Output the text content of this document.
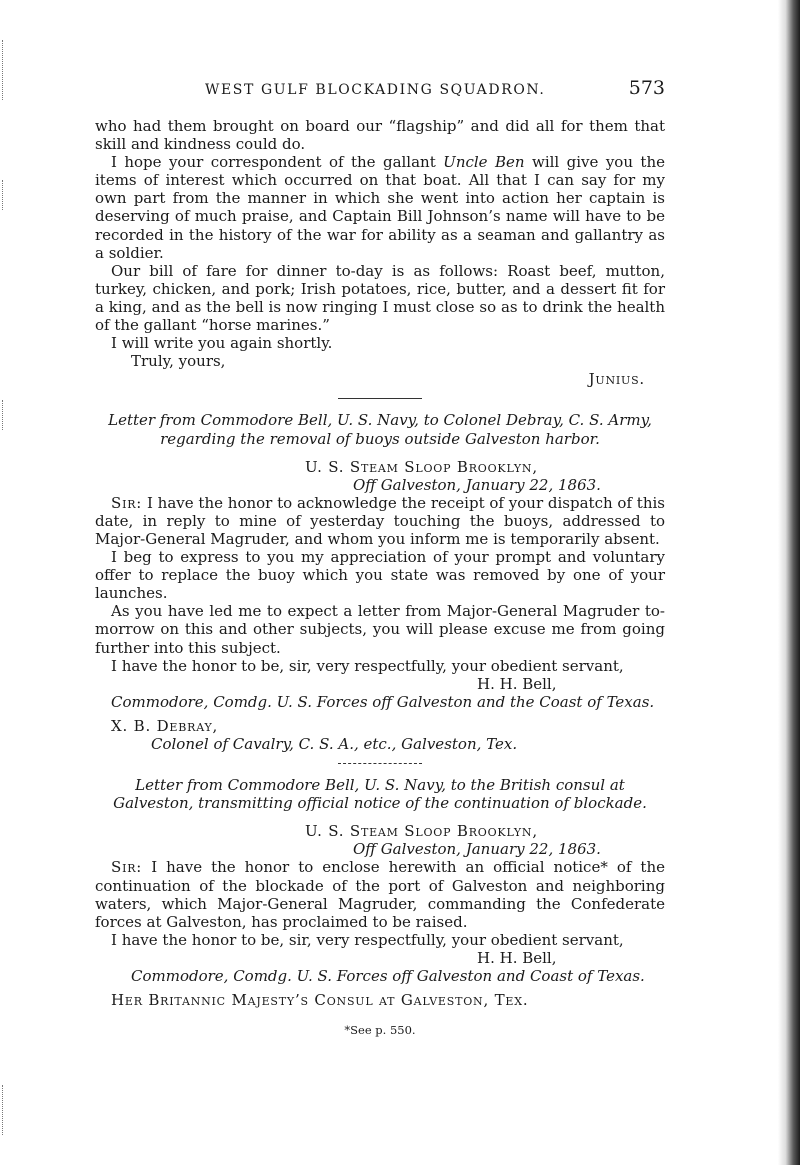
WEST GULF BLOCKADING SQUADRON.	573

who had them brought on board our “flagship” and did all for them that skill and kindness could do.

I hope your correspondent of the gallant Uncle Ben will give you the items of interest which occurred on that boat. All that I can say for my own part from the manner in which she went into action her captain is deserving of much praise, and Captain Bill Johnson’s name will have to be recorded in the history of the war for ability as a seaman and gallantry as a soldier.

Our bill of fare for dinner to-day is as follows: Roast beef, mutton, turkey, chicken, and pork; Irish potatoes, rice, butter, and a dessert fit for a king, and as the bell is now ringing I must close so as to drink the health of the gallant “horse marines.”

I will write you again shortly.

Truly, yours,

Junius.

Letter from Commodore Bell, U. S. Navy, to Colonel Debray, C. S. Army, regarding the removal of buoys outside Galveston harbor.

U. S. Steam Sloop Brooklyn,

Off Galveston, January 22, 1863.

Sir: I have the honor to acknowledge the receipt of your dispatch of this date, in reply to mine of yesterday touching the buoys, addressed to Major-General Magruder, and whom you inform me is temporarily absent.

I beg to express to you my appreciation of your prompt and voluntary offer to replace the buoy which you state was removed by one of your launches.

As you have led me to expect a letter from Major-General Magruder to-morrow on this and other subjects, you will please excuse me from going further into this subject.

I have the honor to be, sir, very respectfully, your obedient servant,

H. H. Bell,

Commodore, Comdg. U. S. Forces off Galveston and the Coast of Texas.

X. B. Debray,

Colonel of Cavalry, C. S. A., etc., Galveston, Tex.

Letter from Commodore Bell, U. S. Navy, to the British consul at Galveston, transmitting official notice of the continuation of blockade.

U. S. Steam Sloop Brooklyn,

Off Galveston, January 22, 1863.

Sir: I have the honor to enclose herewith an official notice* of the continuation of the blockade of the port of Galveston and neighboring waters, which Major-General Magruder, commanding the Confederate forces at Galveston, has proclaimed to be raised.

I have the honor to be, sir, very respectfully, your obedient servant,

H. H. Bell,

Commodore, Comdg. U. S. Forces off Galveston and Coast of Texas.

Her Britannic Majesty’s Consul at Galveston, Tex.

*See p. 550.
